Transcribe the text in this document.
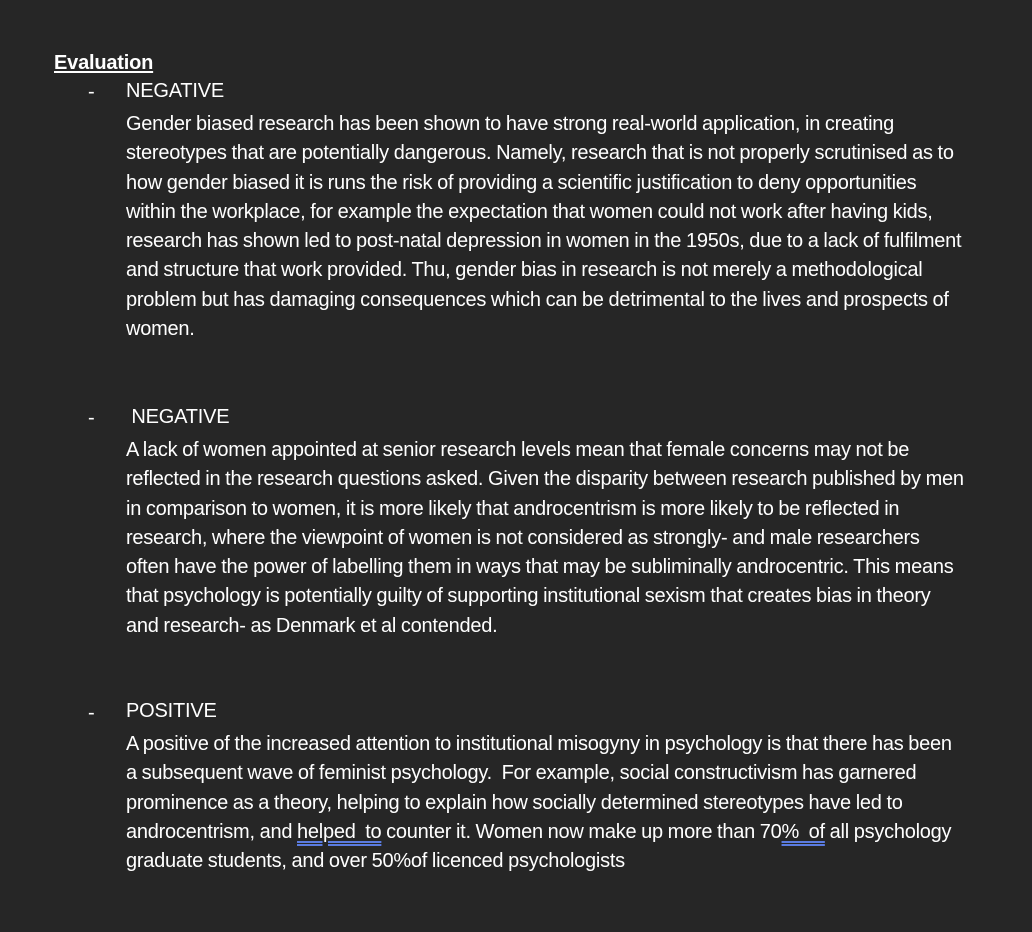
Evaluation
- NEGATIVE
Gender biased research has been shown to have strong real-world application, in creating stereotypes that are potentially dangerous. Namely, research that is not properly scrutinised as to how gender biased it is runs the risk of providing a scientific justification to deny opportunities within the workplace, for example the expectation that women could not work after having kids, research has shown led to post-natal depression in women in the 1950s, due to a lack of fulfilment and structure that work provided. Thu, gender bias in research is not merely a methodological problem but has damaging consequences which can be detrimental to the lives and prospects of women.
- NEGATIVE
A lack of women appointed at senior research levels mean that female concerns may not be reflected in the research questions asked. Given the disparity between research published by men in comparison to women, it is more likely that androcentrism is more likely to be reflected in research, where the viewpoint of women is not considered as strongly- and male researchers often have the power of labelling them in ways that may be subliminally androcentric. This means that psychology is potentially guilty of supporting institutional sexism that creates bias in theory and research- as Denmark et al contended.
- POSITIVE
A positive of the increased attention to institutional misogyny in psychology is that there has been a subsequent wave of feminist psychology.  For example, social constructivism has garnered prominence as a theory, helping to explain how socially determined stereotypes have led to androcentrism, and helped  to counter it. Women now make up more than 70%  of all psychology graduate students, and over 50%of licenced psychologists
